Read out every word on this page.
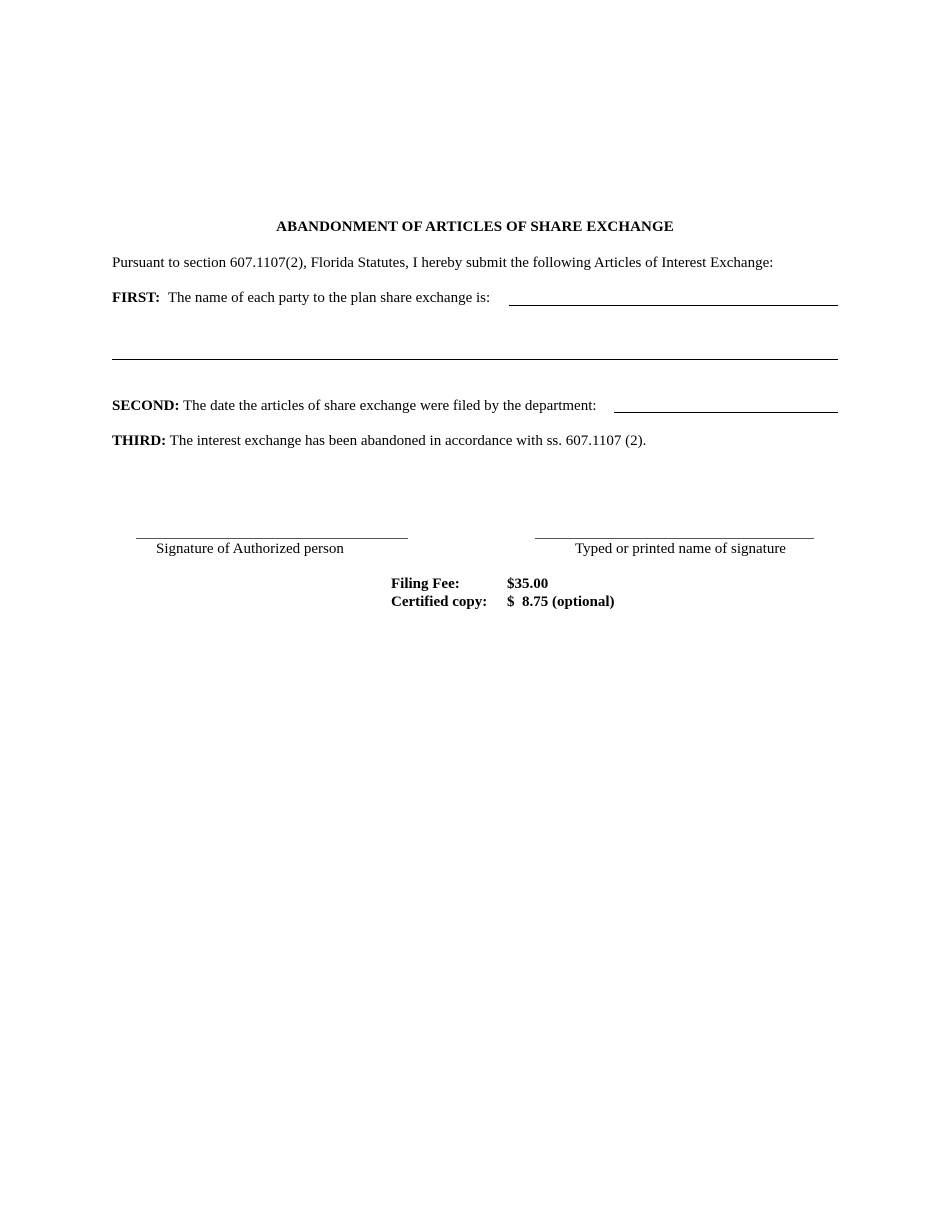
ABANDONMENT OF ARTICLES OF SHARE EXCHANGE
Pursuant to section 607.1107(2), Florida Statutes, I hereby submit the following Articles of Interest Exchange:
FIRST: The name of each party to the plan share exchange is:
SECOND: The date the articles of share exchange were filed by the department:
THIRD: The interest exchange has been abandoned in accordance with ss. 607.1107 (2).
Signature of Authorized person	Typed or printed name of signature
Filing Fee:	$35.00
Certified copy: $  8.75 (optional)
